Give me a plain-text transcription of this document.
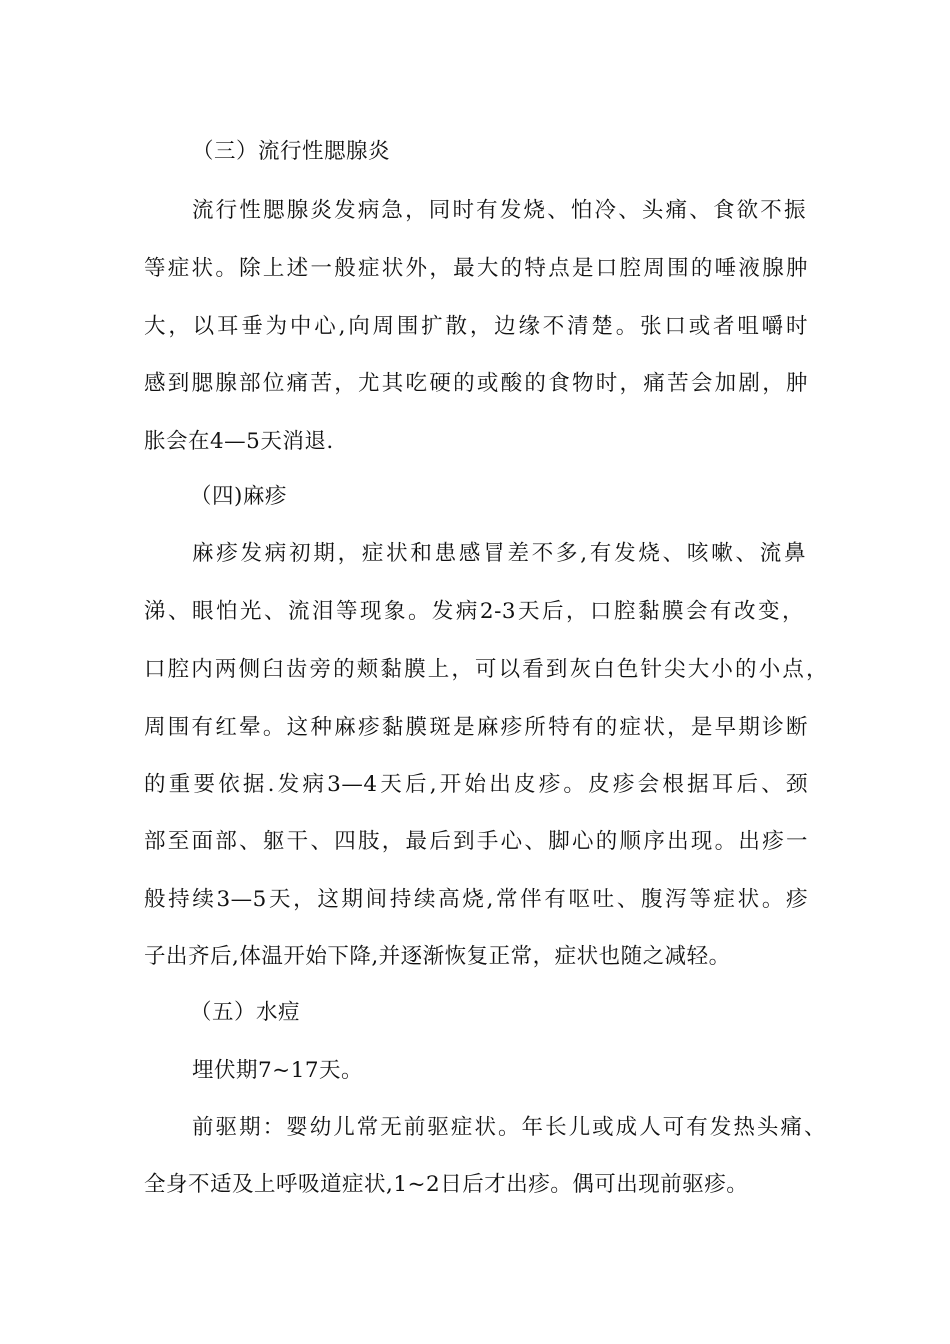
（三）流行性腮腺炎
流行性腮腺炎发病急，同时有发烧、怕冷、头痛、食欲不振
等症状。除上述一般症状外，最大的特点是口腔周围的唾液腺肿
大，以耳垂为中心,向周围扩散，边缘不清楚。张口或者咀嚼时
感到腮腺部位痛苦，尤其吃硬的或酸的食物时，痛苦会加剧，肿
胀会在4—5天消退.
（四)麻疹
麻疹发病初期，症状和患感冒差不多,有发烧、咳嗽、流鼻
涕、眼怕光、流泪等现象。发病2-3天后，口腔黏膜会有改变，
口腔内两侧臼齿旁的颊黏膜上，可以看到灰白色针尖大小的小点，
周围有红晕。这种麻疹黏膜斑是麻疹所特有的症状，是早期诊断
的重要依据.发病3—4天后,开始出皮疹。皮疹会根据耳后、颈
部至面部、躯干、四肢，最后到手心、脚心的顺序出现。出疹一
般持续3—5天，这期间持续高烧,常伴有呕吐、腹泻等症状。疹
子出齐后,体温开始下降,并逐渐恢复正常，症状也随之减轻。
（五）水痘
埋伏期7~17天。
前驱期：婴幼儿常无前驱症状。年长儿或成人可有发热头痛、
全身不适及上呼吸道症状,1~2日后才出疹。偶可出现前驱疹。
